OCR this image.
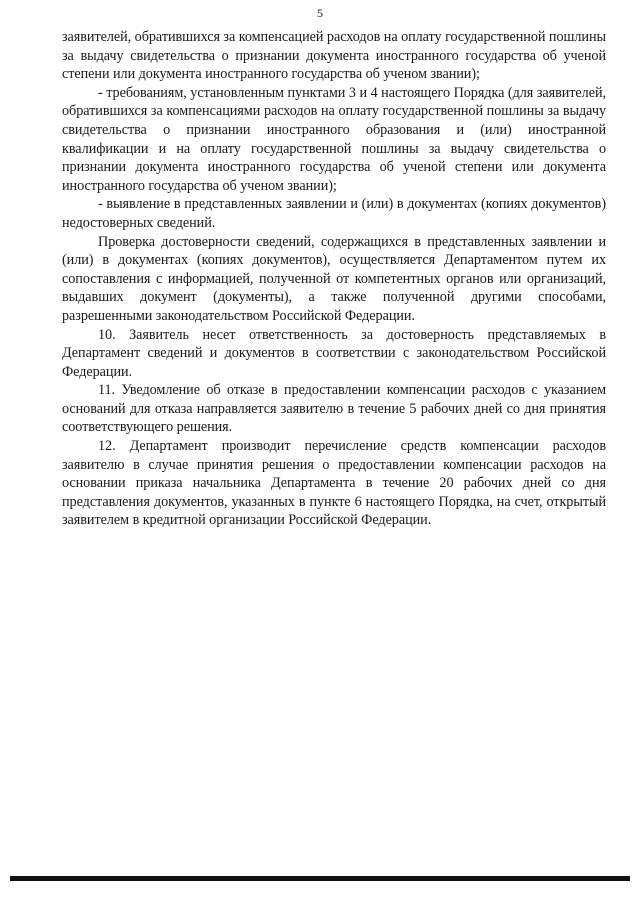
5

заявителей, обратившихся за компенсацией расходов на оплату государственной пошлины за выдачу свидетельства о признании документа иностранного государства об ученой степени или документа иностранного государства об ученом звании);

- требованиям, установленным пунктами 3 и 4 настоящего Порядка (для заявителей, обратившихся за компенсациями расходов на оплату государственной пошлины за выдачу свидетельства о признании иностранного образования и (или) иностранной квалификации и на оплату государственной пошлины за выдачу свидетельства о признании документа иностранного государства об ученой степени или документа иностранного государства об ученом звании);

- выявление в представленных заявлении и (или) в документах (копиях документов) недостоверных сведений.

Проверка достоверности сведений, содержащихся в представленных заявлении и (или) в документах (копиях документов), осуществляется Департаментом путем их сопоставления с информацией, полученной от компетентных органов или организаций, выдавших документ (документы), а также полученной другими способами, разрешенными законодательством Российской Федерации.

10. Заявитель несет ответственность за достоверность представляемых в Департамент сведений и документов в соответствии с законодательством Российской Федерации.

11. Уведомление об отказе в предоставлении компенсации расходов с указанием оснований для отказа направляется заявителю в течение 5 рабочих дней со дня принятия соответствующего решения.

12. Департамент производит перечисление средств компенсации расходов заявителю в случае принятия решения о предоставлении компенсации расходов на основании приказа начальника Департамента в течение 20 рабочих дней со дня представления документов, указанных в пункте 6 настоящего Порядка, на счет, открытый заявителем в кредитной организации Российской Федерации.
